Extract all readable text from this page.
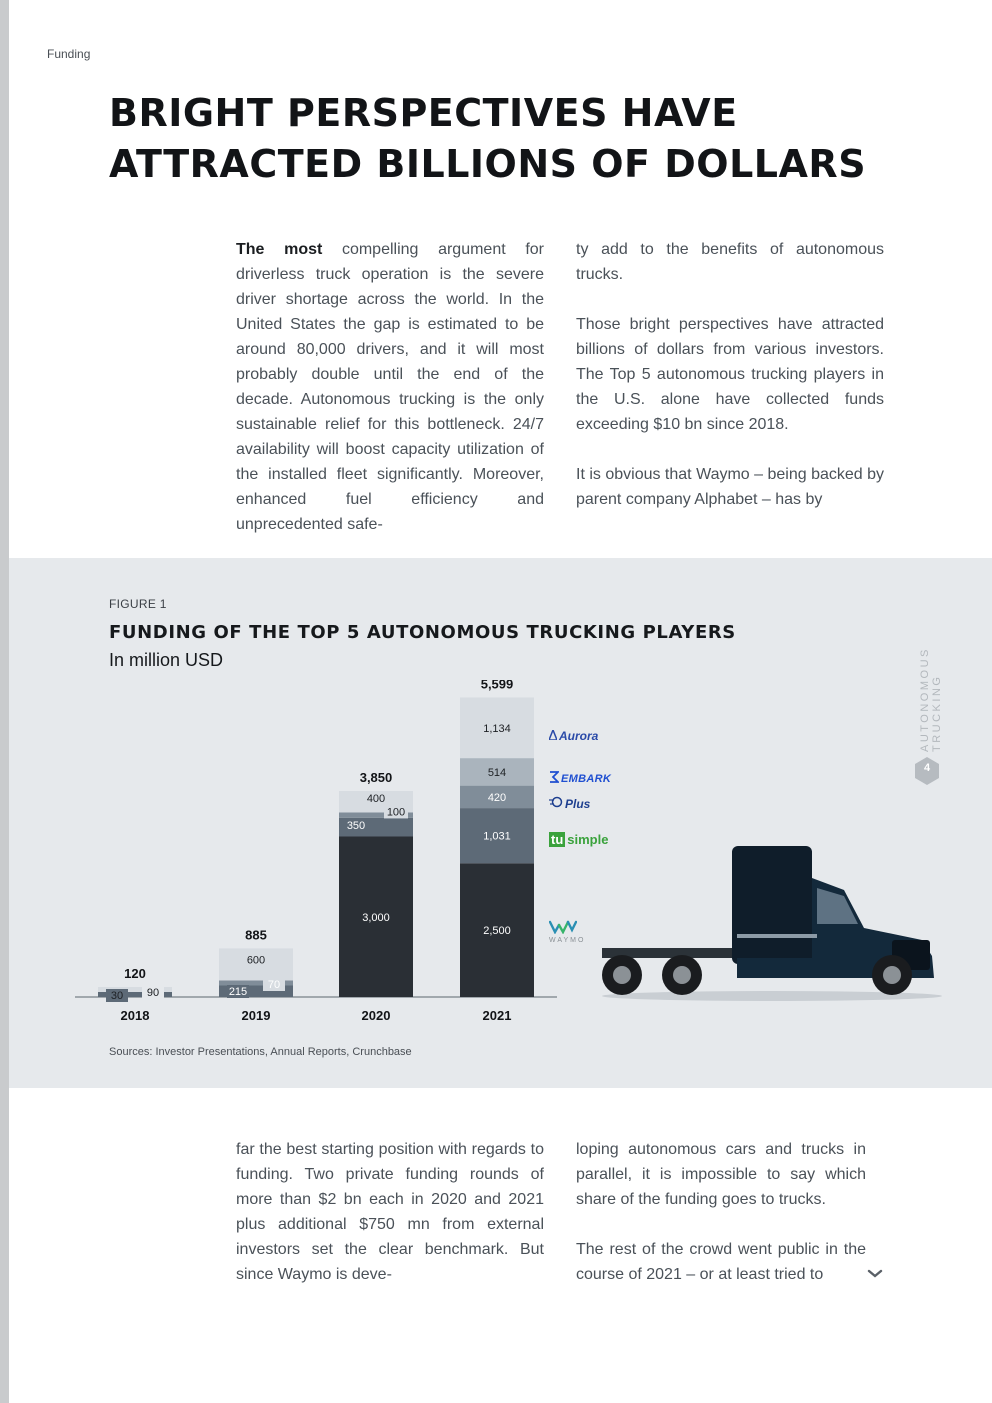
Funding
BRIGHT PERSPECTIVES HAVE ATTRACTED BILLIONS OF DOLLARS

The most compelling argument for driverless truck operation is the severe driver shortage across the world. In the United States the gap is estimated to be around 80,000 drivers, and it will most probably double until the end of the decade. Autonomous trucking is the only sustainable relief for this bottleneck. 24/7 availability will boost capacity utilization of the installed fleet significantly. Moreover, enhanced fuel efficiency and unprecedented safe-

ty add to the benefits of autonomous trucks.

Those bright perspectives have attracted billions of dollars from various investors. The Top 5 autonomous trucking players in the U.S. alone have collected funds exceeding $10 bn since 2018.

It is obvious that Waymo – being backed by parent company Alphabet – has by

FIGURE 1
FUNDING OF THE TOP 5 AUTONOMOUS TRUCKING PLAYERS
In million USD	AUTONOMOUS TRUCKING
4
30 90
120
2018
215
70
600
885
2019
3,000
350
100
400
3,850
2020
2,500
1,031
420
514
1,134
5,599
2021
Aurora
EMBARK
Plus
tu simple
WAYMO
Sources: Investor Presentations, Annual Reports, Crunchbase

far the best starting position with regards to funding. Two private funding rounds of more than $2 bn each in 2020 and 2021 plus additional $750 mn from external investors set the clear benchmark. But since Waymo is deve-

loping autonomous cars and trucks in parallel, it is impossible to say which share of the funding goes to trucks.

The rest of the crowd went public in the course of 2021 – or at least tried to
